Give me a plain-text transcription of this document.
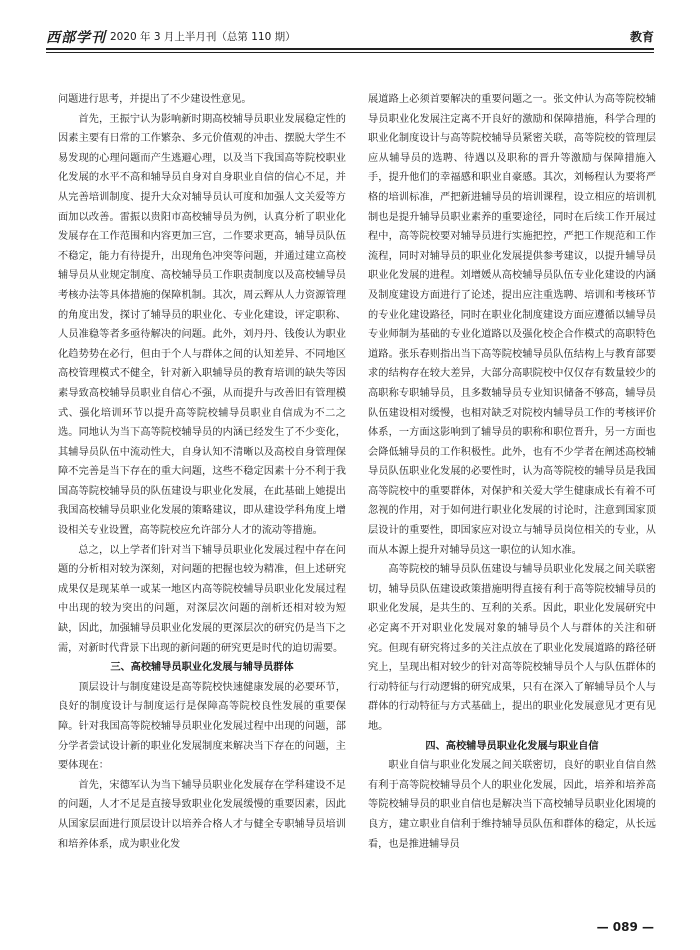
西部学刊 2020 年 3 月上半月刊（总第 110 期）	教育

问题进行思考，并提出了不少建设性意见。

首先，王振宁认为影响新时期高校辅导员职业发展稳定性的因素主要有日常的工作繁杂、多元价值观的冲击、摆脱大学生不易发现的心理问题而产生逃避心理，以及当下我国高等院校职业化发展的水平不高和辅导员自身对自身职业自信的信心不足，并从完善培训制度、提升大众对辅导员认可度和加强人文关爱等方面加以改善。雷振以贵阳市高校辅导员为例，认真分析了职业化发展存在工作范围和内容更加三宫，二作要求更高，辅导员队伍不稳定，能力有待提升，出现角色冲突等问题，并通过建立高校辅导员从业规定制度、高校辅导员工作职责制度以及高校辅导员考核办法等具体措施的保障机制。其次，周云辉从人力资源管理的角度出发，探讨了辅导员的职业化、专业化建设，评定职称、人员准稳等者多亟待解决的问题。此外，刘丹丹、钱俊认为职业化趋势势在必行，但由于个人与群体之间的认知差异、不同地区高校管理模式不健全，针对新入职辅导员的教育培训的缺失等因素导致高校辅导员职业自信心不强，从而提升与改善旧有管理模式、强化培训环节以提升高等院校辅导员职业自信成为不二之选。同地认为当下高等院校辅导员的内涵已经发生了不少变化，其辅导员队伍中流动性大，自身认知不清晰以及高校自身管理保障不完善是当下存在的重大问题，这些不稳定因素十分不利于我国高等院校辅导员的队伍建设与职业化发展，在此基础上她提出我国高校辅导员职业化发展的策略建议，即从建设学科角度上增设相关专业设置，高等院校应允许部分人才的流动等措施。

总之，以上学者们针对当下辅导员职业化发展过程中存在问题的分析相对较为深刻，对问题的把握也较为精准，但上述研究成果仅是现某单一或某一地区内高等院校辅导员职业化发展过程中出现的较为突出的问题，对深层次问题的剖析还相对较为短缺，因此，加强辅导员职业化发展的更深层次的研究仍是当下之需，对新时代背景下出现的新问题的研究更是时代的迫切需要。

三、高校辅导员职业化发展与辅导员群体

顶层设计与制度建设是高等院校快速健康发展的必要环节，良好的制度设计与制度运行是保障高等院校良性发展的重要保障。针对我国高等院校辅导员职业化发展过程中出现的问题，部分学者尝试设计新的职业化发展制度来解决当下存在的问题，主要体现在：

首先，宋德军认为当下辅导员职业化发展存在学科建设不足的问题，人才不足是直接导致职业化发展缓慢的重要因素，因此从国家层面进行顶层设计以培养合格人才与健全专职辅导员培训和培养体系，成为职业化发

展道路上必须首要解决的重要问题之一。张文仲认为高等院校辅导员职业化发展注定离不开良好的激励和保障措施，科学合理的职业化制度设计与高等院校辅导员紧密关联，高等院校的管理层应从辅导员的选聘、待遇以及职称的晋升等激励与保障措施入手，提升他们的幸福感和职业自豪感。其次，刘畅程认为要将严格的培训标准，严把新进辅导员的培训课程，设立相应的培训机制也是提升辅导员职业素养的重要途径，同时在后续工作开展过程中，高等院校要对辅导员进行实施把控，严把工作规范和工作流程，同时对辅导员的职业化发展提供参考建议，以提升辅导员职业化发展的进程。刘增媛从高校辅导员队伍专业化建设的内涵及制度建设方面进行了论述，提出应注重选聘、培训和考核环节的专业化建设路径，同时在职业化制度建设方面应遵循以辅导员专业师制为基础的专业化道路以及强化校企合作模式的高职特色道路。张乐春则指出当下高等院校辅导员队伍结构上与教育部要求的结构存在较大差异，大部分高职院校中仅仅存有数量较少的高职称专职辅导员，且多数辅导员专业知识储备不够高，辅导员队伍建设相对缓慢，也相对缺乏对院校内辅导员工作的考核评价体系，一方面这影响到了辅导员的职称和职位晋升，另一方面也会降低辅导员的工作积极性。此外，也有不少学者在阐述高校辅导员队伍职业化发展的必要性时，认为高等院校的辅导员是我国高等院校中的重要群体，对保护和关爱大学生健康成长有着不可忽视的作用，对于如何进行职业化发展的讨论时，注意到国家顶层设计的重要性，即国家应对设立与辅导员岗位相关的专业，从而从本源上提升对辅导员这一职位的认知水准。

高等院校的辅导员队伍建设与辅导员职业化发展之间关联密切，辅导员队伍建设政策措施明得直接有利于高等院校辅导员的职业化发展，是共生的、互利的关系。因此，职业化发展研究中必定离不开对职业化发展对象的辅导员个人与群体的关注和研究。但现有研究将过多的关注点放在了职业化发展道路的路径研究上，呈现出相对较少的针对高等院校辅导员个人与队伍群体的行动特征与行动逻辑的研究成果，只有在深入了解辅导员个人与群体的行动特征与方式基础上，提出的职业化发展意见才更有见地。

四、高校辅导员职业化发展与职业自信

职业自信与职业化发展之间关联密切，良好的职业自信自然有利于高等院校辅导员个人的职业化发展，因此，培养和培养高等院校辅导员的职业自信也是解决当下高校辅导员职业化困境的良方，建立职业自信利于维持辅导员队伍和群体的稳定，从长远看，也是推进辅导员

— 089 —
